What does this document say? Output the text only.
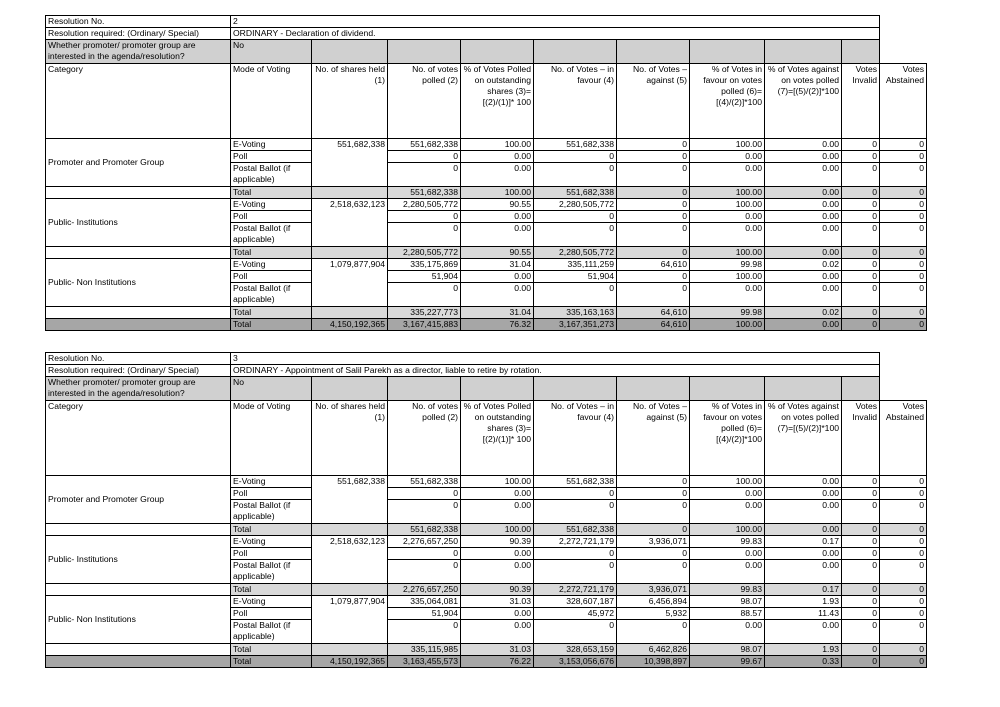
Resolution No.	2									
Resolution required: (Ordinary/ Special)	ORDINARY - Declaration of dividend.									
Whether promoter/ promoter group are interested in the agenda/resolution?	No									
Category	Mode of Voting	No. of shares held (1)	No. of votes polled (2)	% of Votes Polled on outstanding shares (3)=[(2)/(1)]* 100	No. of Votes – in favour (4)	No. of Votes – against (5)	% of Votes in favour on votes polled (6)=[(4)/(2)]*100	% of Votes against on votes polled (7)=[(5)/(2)]*100	Votes Invalid	Votes Abstained
Promoter and Promoter Group	E-Voting	551,682,338	551,682,338	100.00	551,682,338	0	100.00	0.00	0	0
	Poll		0	0.00	0	0	0.00	0.00	0	0
	Postal Ballot (if applicable)		0	0.00	0	0	0.00	0.00	0	0
	Total		551,682,338	100.00	551,682,338	0	100.00	0.00	0	0
Public- Institutions	E-Voting	2,518,632,123	2,280,505,772	90.55	2,280,505,772	0	100.00	0.00	0	0
	Poll		0	0.00	0	0	0.00	0.00	0	0
	Postal Ballot (if applicable)		0	0.00	0	0	0.00	0.00	0	0
	Total		2,280,505,772	90.55	2,280,505,772	0	100.00	0.00	0	0
Public- Non Institutions	E-Voting	1,079,877,904	335,175,869	31.04	335,111,259	64,610	99.98	0.02	0	0
	Poll		51,904	0.00	51,904	0	100.00	0.00	0	0
	Postal Ballot (if applicable)		0	0.00	0	0	0.00	0.00	0	0
	Total		335,227,773	31.04	335,163,163	64,610	99.98	0.02	0	0
	Total	4,150,192,365	3,167,415,883	76.32	3,167,351,273	64,610	100.00	0.00	0	0
Resolution No.	3									
Resolution required: (Ordinary/ Special)	ORDINARY - Appointment of Salil Parekh as a director, liable to retire by rotation.									
Whether promoter/ promoter group are interested in the agenda/resolution?	No									
Category	Mode of Voting	No. of shares held (1)	No. of votes polled (2)	% of Votes Polled on outstanding shares (3)=[(2)/(1)]* 100	No. of Votes – in favour (4)	No. of Votes – against (5)	% of Votes in favour on votes polled (6)=[(4)/(2)]*100	% of Votes against on votes polled (7)=[(5)/(2)]*100	Votes Invalid	Votes Abstained
Promoter and Promoter Group	E-Voting	551,682,338	551,682,338	100.00	551,682,338	0	100.00	0.00	0	0
	Poll		0	0.00	0	0	0.00	0.00	0	0
	Postal Ballot (if applicable)		0	0.00	0	0	0.00	0.00	0	0
	Total		551,682,338	100.00	551,682,338	0	100.00	0.00	0	0
Public- Institutions	E-Voting	2,518,632,123	2,276,657,250	90.39	2,272,721,179	3,936,071	99.83	0.17	0	0
	Poll		0	0.00	0	0	0.00	0.00	0	0
	Postal Ballot (if applicable)		0	0.00	0	0	0.00	0.00	0	0
	Total		2,276,657,250	90.39	2,272,721,179	3,936,071	99.83	0.17	0	0
Public- Non Institutions	E-Voting	1,079,877,904	335,064,081	31.03	328,607,187	6,456,894	98.07	1.93	0	0
	Poll		51,904	0.00	45,972	5,932	88.57	11.43	0	0
	Postal Ballot (if applicable)		0	0.00	0	0	0.00	0.00	0	0
	Total		335,115,985	31.03	328,653,159	6,462,826	98.07	1.93	0	0
	Total	4,150,192,365	3,163,455,573	76.22	3,153,056,676	10,398,897	99.67	0.33	0	0
